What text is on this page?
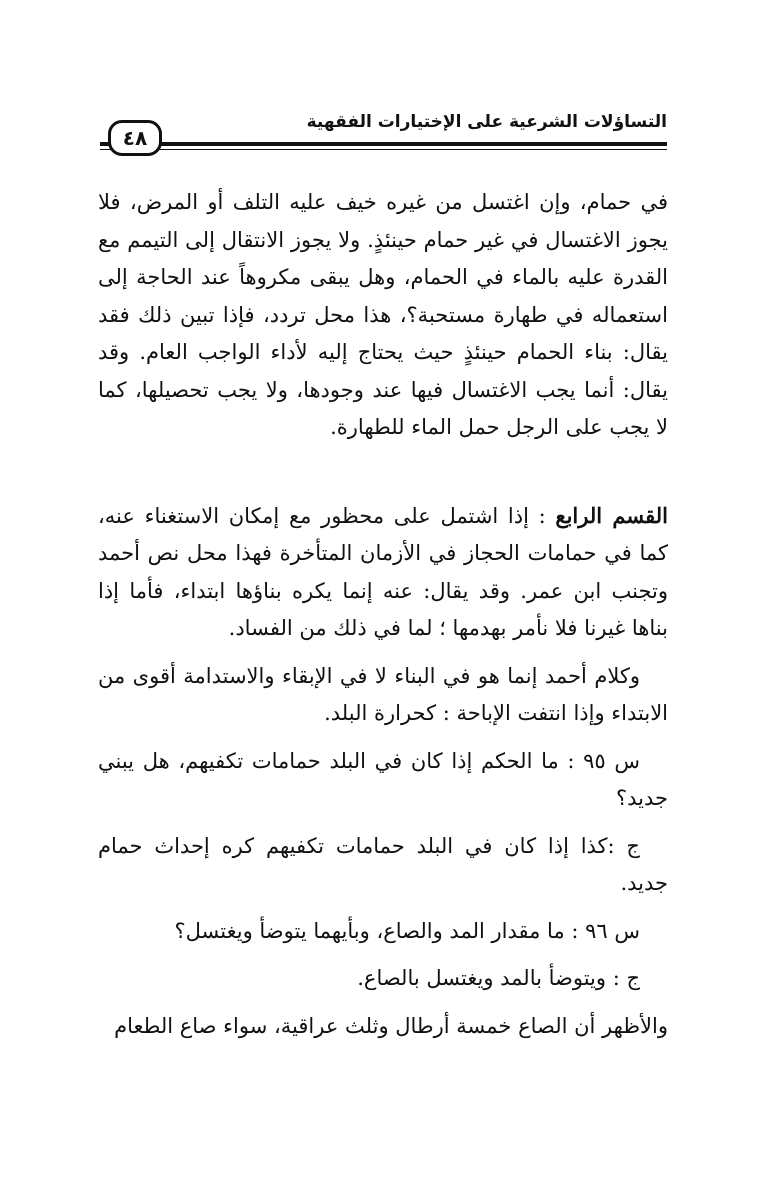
التساؤلات الشرعية على الإختيارات الفقهية
٤٨

في حمام، وإن اغتسل من غيره خيف عليه التلف أو المرض، فلا يجوز الاغتسال في غير حمام حينئذٍ. ولا يجوز الانتقال إلى التيمم مع القدرة عليه بالماء في الحمام، وهل يبقى مكروهاً عند الحاجة إلى استعماله في طهارة مستحبة؟، هذا محل تردد، فإذا تبين ذلك فقد يقال: بناء الحمام حينئذٍ حيث يحتاج إليه لأداء الواجب العام. وقد يقال: أنما يجب الاغتسال فيها عند وجودها، ولا يجب تحصيلها، كما لا يجب على الرجل حمل الماء للطهارة.

القسم الرابع : إذا اشتمل على محظور مع إمكان الاستغناء عنه، كما في حمامات الحجاز في الأزمان المتأخرة فهذا محل نص أحمد وتجنب ابن عمر. وقد يقال: عنه إنما يكره بناؤها ابتداء، فأما إذا بناها غيرنا فلا نأمر بهدمها ؛ لما في ذلك من الفساد.

وكلام أحمد إنما هو في البناء لا في الإبقاء والاستدامة أقوى من الابتداء وإذا انتفت الإباحة : كحرارة البلد.

س ٩٥ : ما الحكم إذا كان في البلد حمامات تكفيهم، هل يبني جديد؟

ج :كذا إذا كان في البلد حمامات تكفيهم كره إحداث حمام جديد.

س ٩٦ : ما مقدار المد والصاع، وبأيهما يتوضأ ويغتسل؟

ج : ويتوضأ بالمد ويغتسل بالصاع.

والأظهر أن الصاع خمسة أرطال وثلث عراقية، سواء صاع الطعام
